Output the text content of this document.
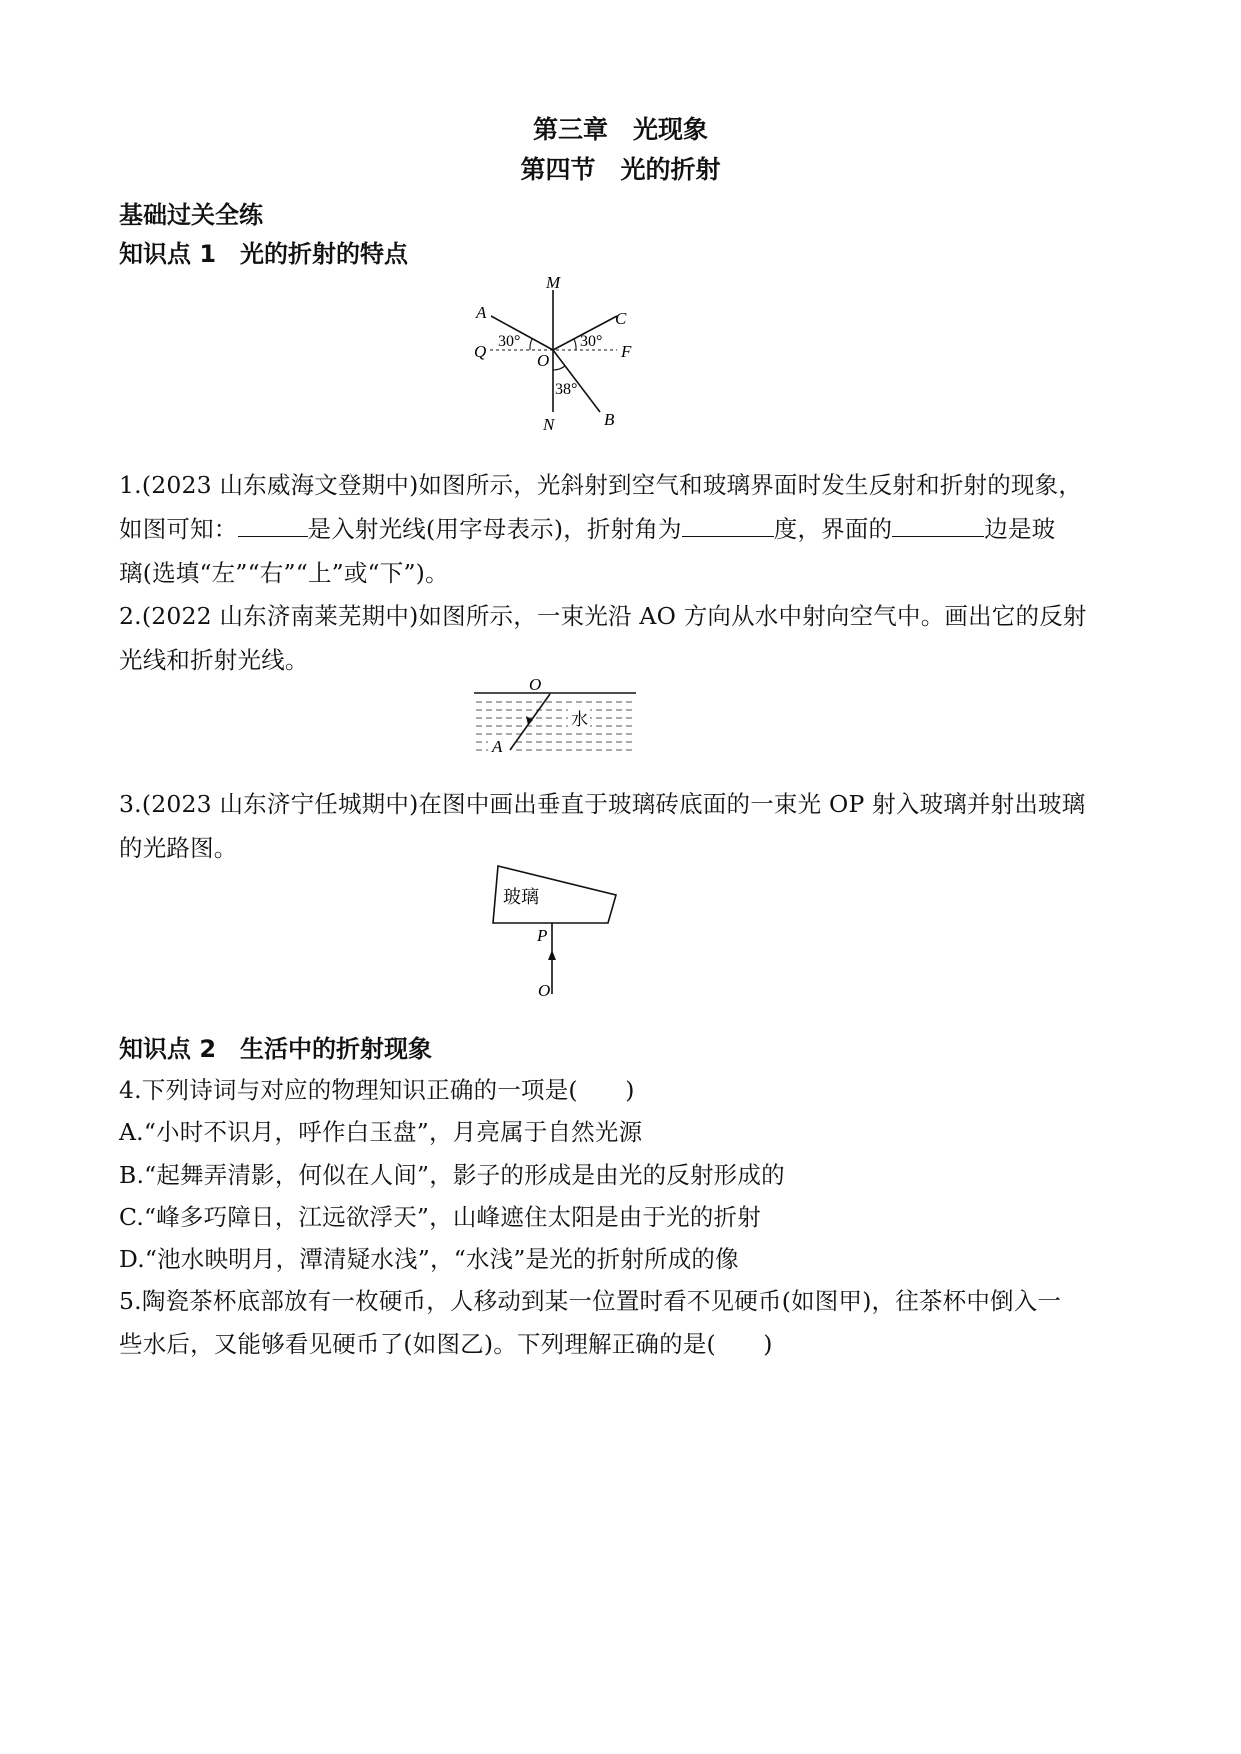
第三章　光现象
第四节　光的折射
基础过关全练
知识点 1　光的折射的特点
M
A	C
Q	O	F
N	B
30°	30°
38°
1.(2023 山东威海文登期中)如图所示，光斜射到空气和玻璃界面时发生反射和折射的现象，
如图可知：	是入射光线(用字母表示)，折射角为	度，界面的	边是玻
璃(选填“左”“右”“上”或“下”)。
2.(2022 山东济南莱芜期中)如图所示，一束光沿 AO 方向从水中射向空气中。画出它的反射
光线和折射光线。
O
A
水
3.(2023 山东济宁任城期中)在图中画出垂直于玻璃砖底面的一束光 OP 射入玻璃并射出玻璃
的光路图。
玻璃
P
O
知识点 2　生活中的折射现象
4.下列诗词与对应的物理知识正确的一项是(　　)
A.“小时不识月，呼作白玉盘”，月亮属于自然光源
B.“起舞弄清影，何似在人间”，影子的形成是由光的反射形成的
C.“峰多巧障日，江远欲浮天”，山峰遮住太阳是由于光的折射
D.“池水映明月，潭清疑水浅”，“水浅”是光的折射所成的像
5.陶瓷茶杯底部放有一枚硬币，人移动到某一位置时看不见硬币(如图甲)，往茶杯中倒入一
些水后，又能够看见硬币了(如图乙)。下列理解正确的是(　　)
